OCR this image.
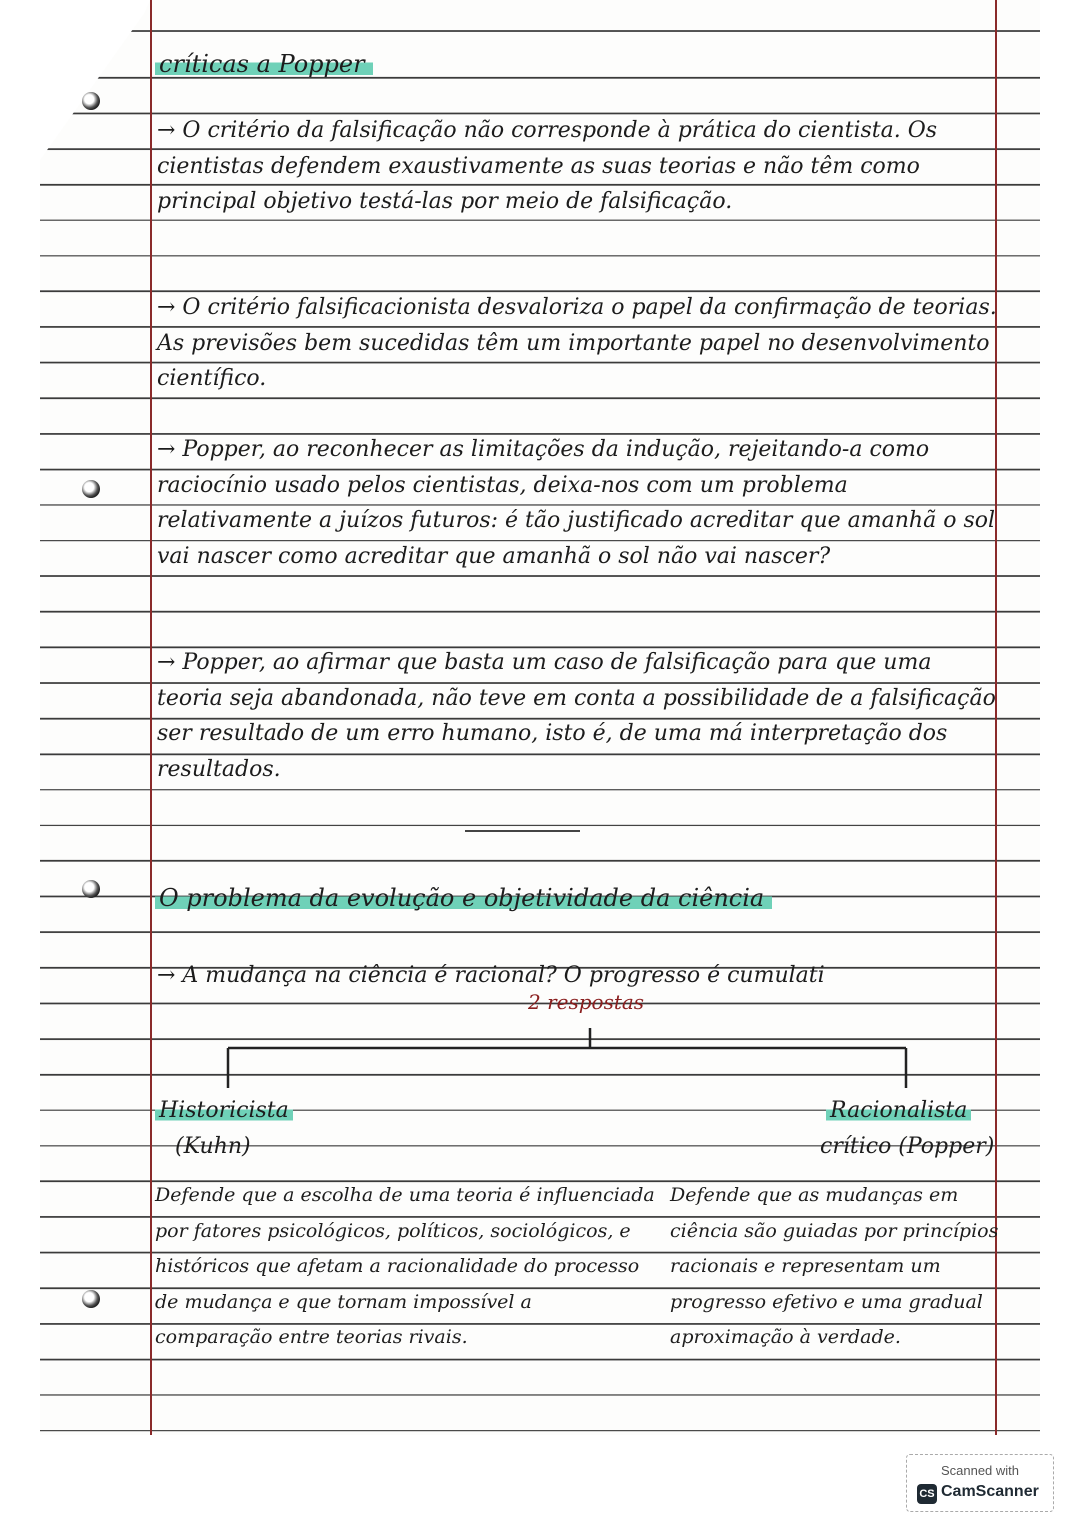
críticas a Popper
→ O critério da falsificação não corresponde à prática do cientista. Os cientistas defendem exaustivamente as suas teorias e não têm como principal objetivo testá-las por meio de falsificação.
→ O critério falsificacionista desvaloriza o papel da confirmação de teorias. As previsões bem sucedidas têm um importante papel no desenvolvimento científico.
→ Popper, ao reconhecer as limitações da indução, rejeitando-a como raciocínio usado pelos cientistas, deixa-nos com um problema relativamente a juízos futuros: é tão justificado acreditar que amanhã o sol vai nascer como acreditar que amanhã o sol não vai nascer?
→ Popper, ao afirmar que basta um caso de falsificação para que uma teoria seja abandonada, não teve em conta a possibilidade de a falsificação ser resultado de um erro humano, isto é, de uma má interpretação dos resultados.
O problema da evolução e objetividade da ciência
→ A mudança na ciência é racional? O progresso é cumulati
2 respostas
Historicista
(Kuhn)
Defende que a escolha de uma teoria é influenciada por fatores psicológicos, políticos, sociológicos, e históricos que afetam a racionalidade do processo de mudança e que tornam impossível a comparação entre teorias rivais.
Racionalista
crítico (Popper)
Defende que as mudanças em ciência são guiadas por princípios racionais e representam um progresso efetivo e uma gradual aproximação à verdade.
Scanned with
CS CamScanner
